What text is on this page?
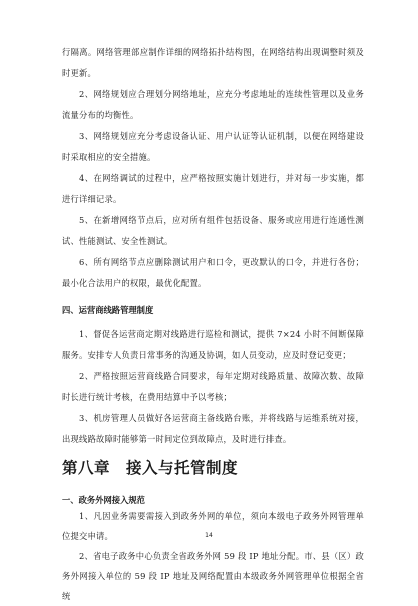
行隔离。网络管理部应制作详细的网络拓扑结构图，在网络结构出现调整时须及时更新。
2、网络规划应合理划分网络地址，应充分考虑地址的连续性管理以及业务流量分布的均衡性。
3、网络规划应充分考虑设备认证、用户认证等认证机制，以便在网络建设时采取相应的安全措施。
4、在网络调试的过程中，应严格按照实施计划进行，并对每一步实施，都进行详细记录。
5、在新增网络节点后，应对所有组件包括设备、服务或应用进行连通性测试、性能测试、安全性测试。
6、所有网络节点应删除测试用户和口令，更改默认的口令，并进行各份；最小化合法用户的权限，最优化配置。
四、运营商线路管理制度
1、督促各运营商定期对线路进行巡检和测试，提供 7×24 小时不间断保障服务。安排专人负责日常事务的沟通及协调，如人员变动，应及时登记变更；
2、严格按照运营商线路合同要求，每年定期对线路质量、故障次数、故障时长进行统计考核，在费用结算中予以考核；
3、机房管理人员做好各运营商主备线路台账，并将线路与运维系统对接，出现线路故障时能够第一时间定位到故障点，及时进行排查。
第八章 接入与托管制度
一、政务外网接入规范
1、凡因业务需要需接入到政务外网的单位，须向本级电子政务外网管理单位提交申请。
2、省电子政务中心负责全省政务外网 59 段 IP 地址分配。市、县（区）政务外网接入单位的 59 段 IP 地址及网络配置由本级政务外网管理单位根据全省统
14
